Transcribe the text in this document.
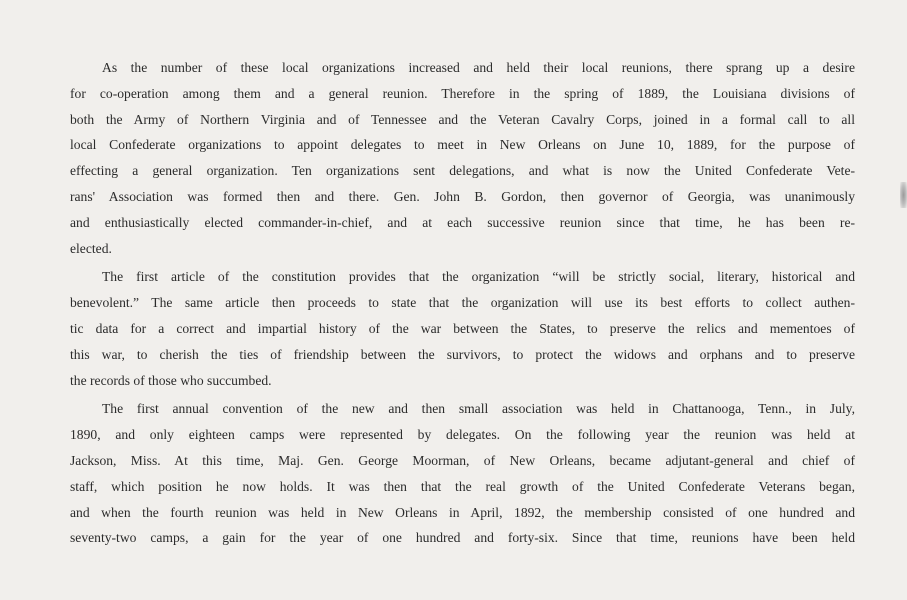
As the number of these local organizations increased and held their local reunions, there sprang up a desire
for co-operation among them and a general reunion. Therefore in the spring of 1889, the Louisiana divisions of
both the Army of Northern Virginia and of Tennessee and the Veteran Cavalry Corps, joined in a formal call to all
local Confederate organizations to appoint delegates to meet in New Orleans on June 10, 1889, for the purpose of
effecting a general organization. Ten organizations sent delegations, and what is now the United Confederate Vete-
rans' Association was formed then and there. Gen. John B. Gordon, then governor of Georgia, was unanimously
and enthusiastically elected commander-in-chief, and at each successive reunion since that time, he has been re-
elected.
The first article of the constitution provides that the organization “will be strictly social, literary, historical and
benevolent.” The same article then proceeds to state that the organization will use its best efforts to collect authen-
tic data for a correct and impartial history of the war between the States, to preserve the relics and mementoes of
this war, to cherish the ties of friendship between the survivors, to protect the widows and orphans and to preserve
the records of those who succumbed.
The first annual convention of the new and then small association was held in Chattanooga, Tenn., in July,
1890, and only eighteen camps were represented by delegates. On the following year the reunion was held at
Jackson, Miss. At this time, Maj. Gen. George Moorman, of New Orleans, became adjutant-general and chief of
staff, which position he now holds. It was then that the real growth of the United Confederate Veterans began,
and when the fourth reunion was held in New Orleans in April, 1892, the membership consisted of one hundred and
seventy-two camps, a gain for the year of one hundred and forty-six. Since that time, reunions have been held
